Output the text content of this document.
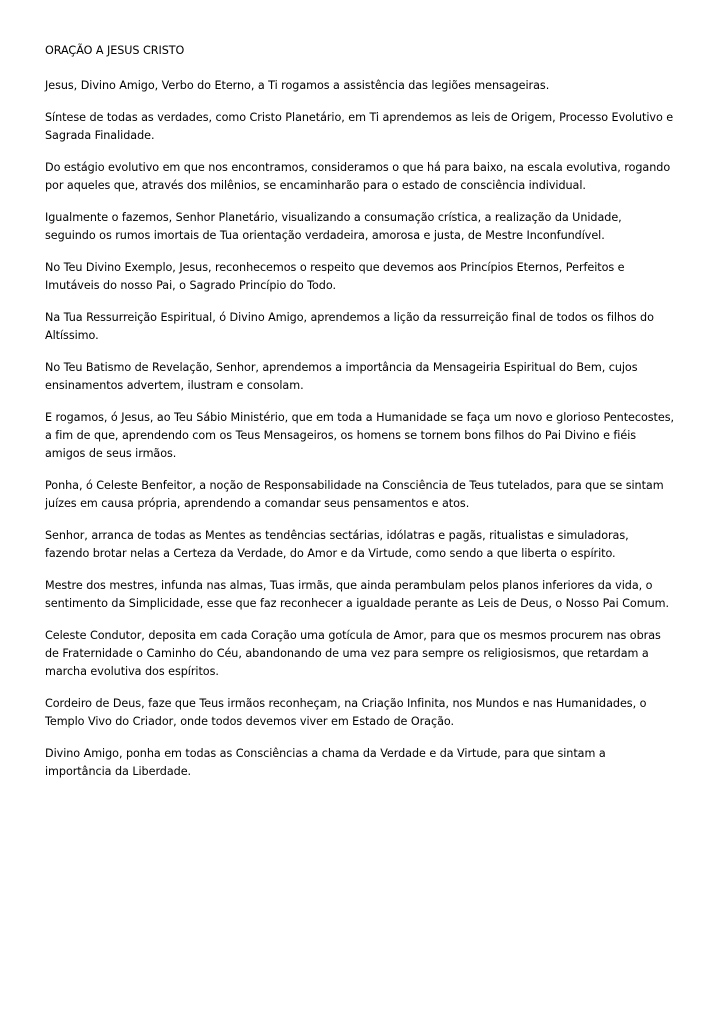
ORAÇÃO A JESUS CRISTO

Jesus, Divino Amigo, Verbo do Eterno, a Ti rogamos a assistência das legiões mensageiras.

Síntese de todas as verdades, como Cristo Planetário, em Ti aprendemos as leis de Origem, Processo Evolutivo e Sagrada Finalidade.

Do estágio evolutivo em que nos encontramos, consideramos o que há para baixo, na escala evolutiva, rogando por aqueles que, através dos milênios, se encaminharão para o estado de consciência individual.

Igualmente o fazemos, Senhor Planetário, visualizando a consumação crística, a realização da Unidade, seguindo os rumos imortais de Tua orientação verdadeira, amorosa e justa, de Mestre Inconfundível.

No Teu Divino Exemplo, Jesus, reconhecemos o respeito que devemos aos Princípios Eternos, Perfeitos e Imutáveis do nosso Pai, o Sagrado Princípio do Todo.

Na Tua Ressurreição Espiritual, ó Divino Amigo, aprendemos a lição da ressurreição final de todos os filhos do Altíssimo.

No Teu Batismo de Revelação, Senhor, aprendemos a importância da Mensageiria Espiritual do Bem, cujos ensinamentos advertem, ilustram e consolam.

E rogamos, ó Jesus, ao Teu Sábio Ministério, que em toda a Humanidade se faça um novo e glorioso Pentecostes, a fim de que, aprendendo com os Teus Mensageiros, os homens se tornem bons filhos do Pai Divino e fiéis amigos de seus irmãos.

Ponha, ó Celeste Benfeitor, a noção de Responsabilidade na Consciência de Teus tutelados, para que se sintam juízes em causa própria, aprendendo a comandar seus pensamentos e atos.

Senhor, arranca de todas as Mentes as tendências sectárias, idólatras e pagãs, ritualistas e simuladoras, fazendo brotar nelas a Certeza da Verdade, do Amor e da Virtude, como sendo a que liberta o espírito.

Mestre dos mestres, infunda nas almas, Tuas irmãs, que ainda perambulam pelos planos inferiores da vida, o sentimento da Simplicidade, esse que faz reconhecer a igualdade perante as Leis de Deus, o Nosso Pai Comum.

Celeste Condutor, deposita em cada Coração uma gotícula de Amor, para que os mesmos procurem nas obras de Fraternidade o Caminho do Céu, abandonando de uma vez para sempre os religiosismos, que retardam a marcha evolutiva dos espíritos.

Cordeiro de Deus, faze que Teus irmãos reconheçam, na Criação Infinita, nos Mundos e nas Humanidades, o Templo Vivo do Criador, onde todos devemos viver em Estado de Oração.

Divino Amigo, ponha em todas as Consciências a chama da Verdade e da Virtude, para que sintam a importância da Liberdade.
